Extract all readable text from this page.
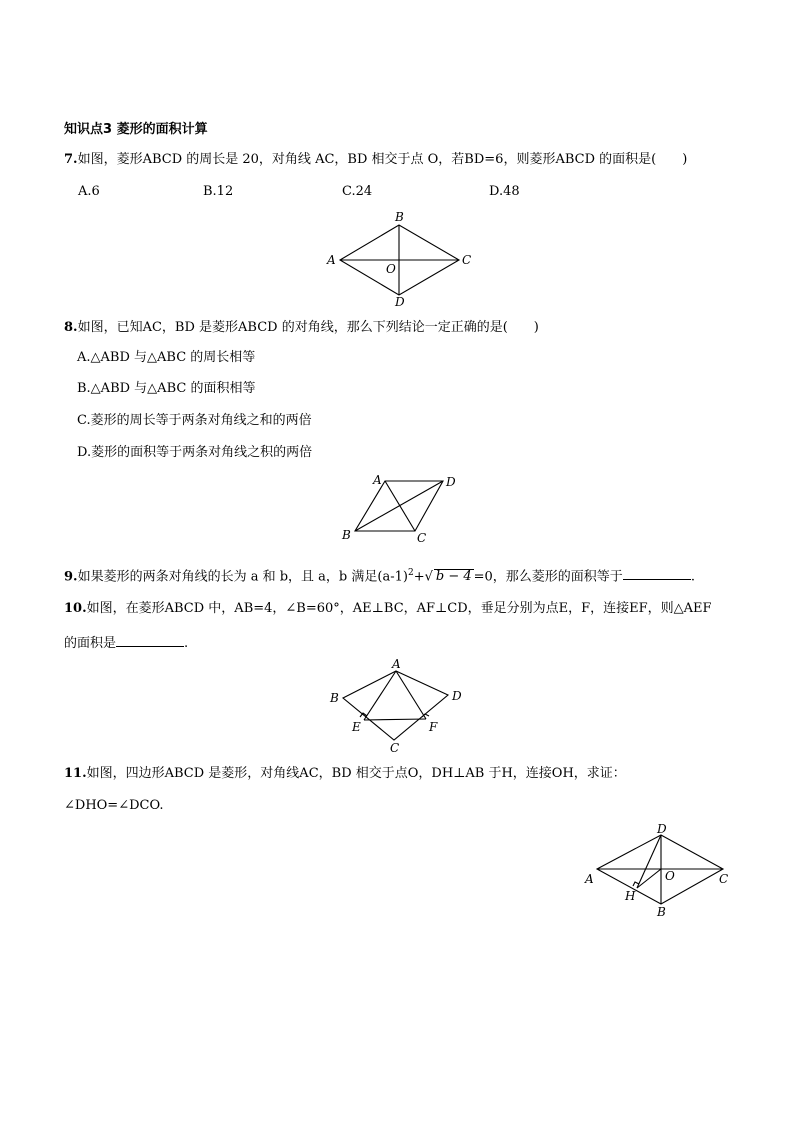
知识点3 菱形的面积计算
7.如图，菱形ABCD 的周长是 20，对角线 AC，BD 相交于点 O，若BD=6，则菱形ABCD 的面积是(　　)
A.6	B.12	C.24	D.48
A
B
C
D
O
8.如图，已知AC，BD 是菱形ABCD 的对角线，那么下列结论一定正确的是(　　)
A.△ABD 与△ABC 的周长相等
B.△ABD 与△ABC 的面积相等
C.菱形的周长等于两条对角线之和的两倍
D.菱形的面积等于两条对角线之积的两倍
A	D
B	C
9.如果菱形的两条对角线的长为 a 和 b，且 a，b 满足$(a-1)^2+√$ b − 4 =0，那么菱形的面积等于	.
10.如图，在菱形ABCD 中，AB=4，∠B=60°，AE⊥BC，AF⊥CD，垂足分别为点E，F，连接EF，则△AEF
的面积是	.
A
B	D
E	F
C
11.如图，四边形ABCD 是菱形，对角线AC，BD 相交于点O，DH⊥AB 于H，连接OH，求证：
∠DHO=∠DCO.
D
A	C
O
H
B
